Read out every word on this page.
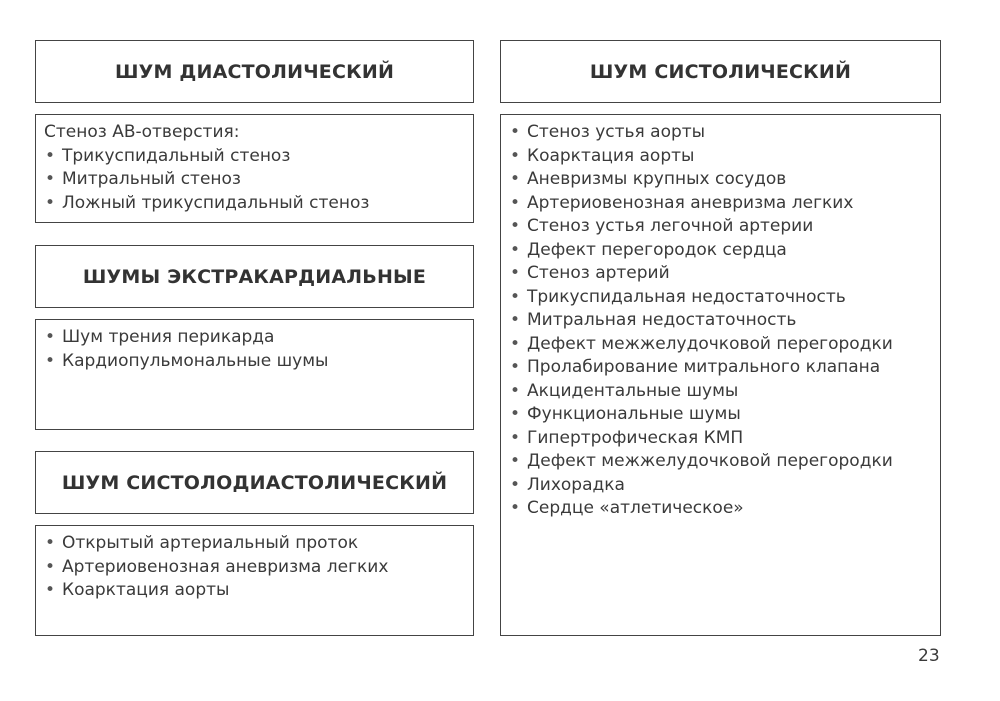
ШУМ ДИАСТОЛИЧЕСКИЙ

Стеноз АВ-отверстия:

• Трикуспидальный стеноз
• Митральный стеноз
• Ложный трикуспидальный стеноз
ШУМЫ ЭКСТРАКАРДИАЛЬНЫЕ
• Шум трения перикарда
• Кардиопульмональные шумы
ШУМ СИСТОЛОДИАСТОЛИЧЕСКИЙ
• Открытый артериальный проток
• Артериовенозная аневризма легких
• Коарктация аорты
ШУМ СИСТОЛИЧЕСКИЙ
• Стеноз устья аорты
• Коарктация аорты
• Аневризмы крупных сосудов
• Артериовенозная аневризма легких
• Стеноз устья легочной артерии
• Дефект перегородок сердца
• Стеноз артерий
• Трикуспидальная недостаточность
• Митральная недостаточность
• Дефект межжелудочковой перегородки
• Пролабирование митрального клапана
• Акцидентальные шумы
• Функциональные шумы
• Гипертрофическая КМП
• Дефект межжелудочковой перегородки
• Лихорадка
• Сердце «атлетическое»
23
